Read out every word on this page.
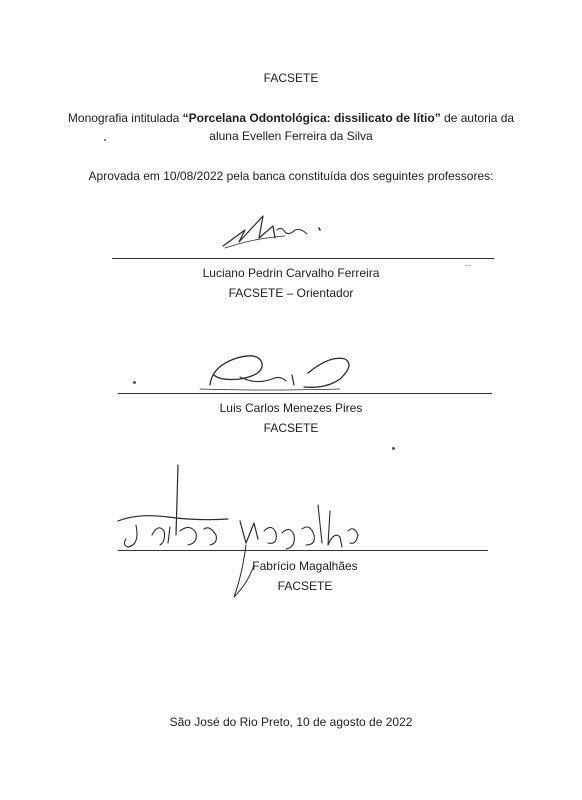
FACSETE
Monografia intitulada “Porcelana Odontológica: dissilicato de lítio” de autoria da
aluna Evellen Ferreira da Silva
Aprovada em 10/08/2022 pela banca constituída dos seguintes professores:
Luciano Pedrin Carvalho Ferreira
FACSETE – Orientador
Luis Carlos Menezes Pires
FACSETE
Fabrício Magalhães
FACSETE
São José do Rio Preto, 10 de agosto de 2022
